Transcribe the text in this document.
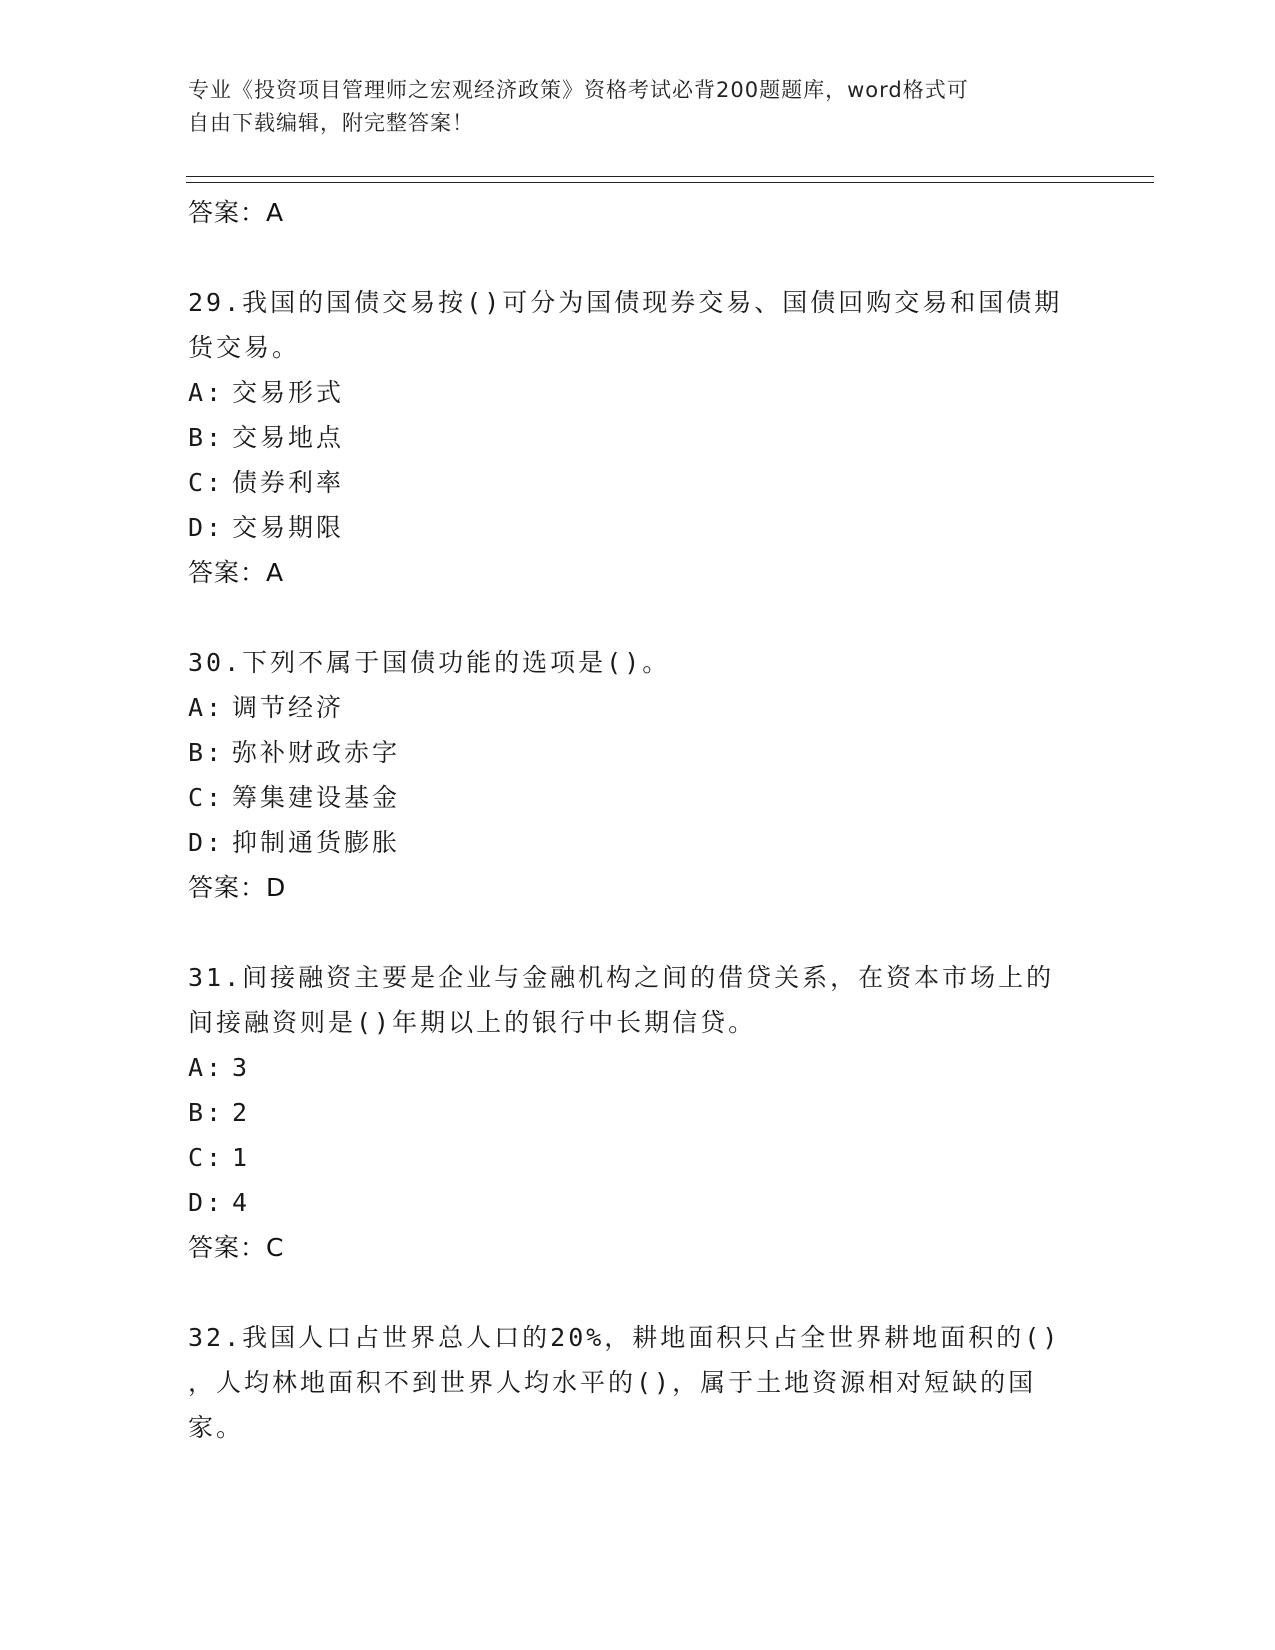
专业《投资项目管理师之宏观经济政策》资格考试必背200题题库，word格式可
自由下载编辑，附完整答案！
答案：A
29.我国的国债交易按()可分为国债现券交易、国债回购交易和国债期
货交易。
A: 交易形式
B: 交易地点
C: 债券利率
D: 交易期限
答案：A
30.下列不属于国债功能的选项是()。
A: 调节经济
B: 弥补财政赤字
C: 筹集建设基金
D: 抑制通货膨胀
答案：D
31.间接融资主要是企业与金融机构之间的借贷关系，在资本市场上的
间接融资则是()年期以上的银行中长期信贷。
A: 3
B: 2
C: 1
D: 4
答案：C
32.我国人口占世界总人口的20%，耕地面积只占全世界耕地面积的()
，人均林地面积不到世界人均水平的()，属于土地资源相对短缺的国
家。
